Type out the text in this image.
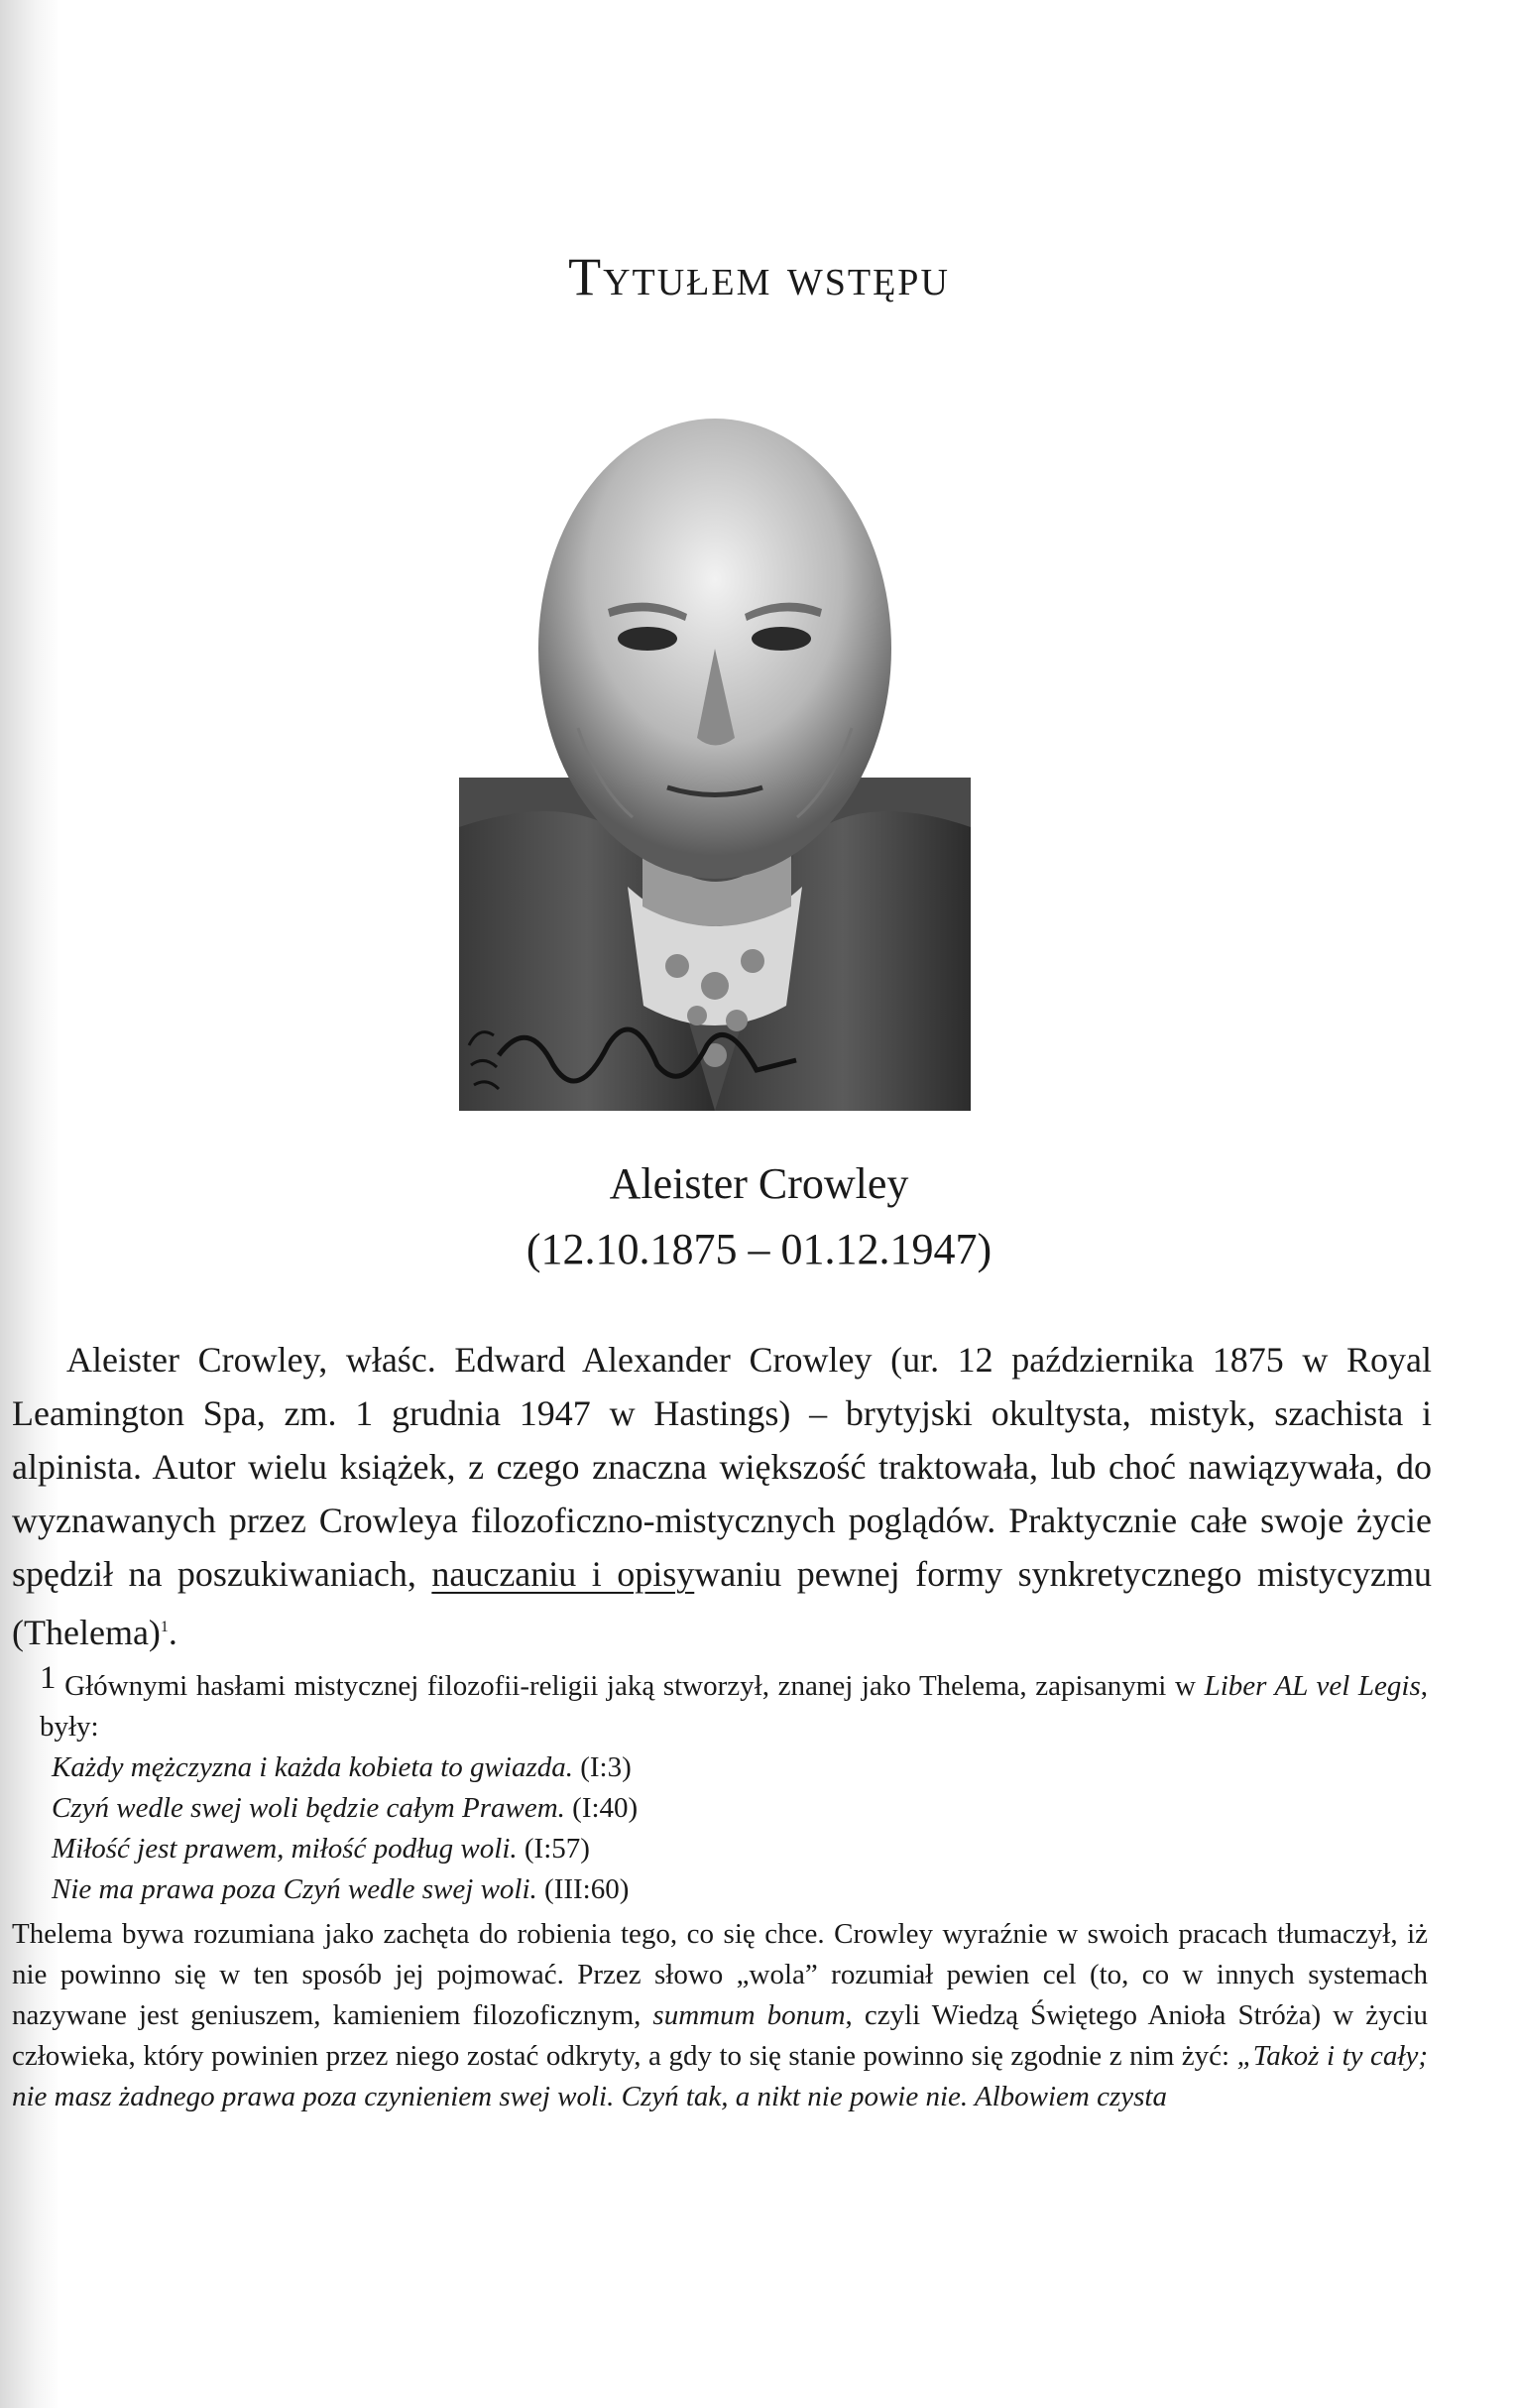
Tytułem wstępu
Aleister Crowley
(12.10.1875 – 01.12.1947)

Aleister Crowley, właśc. Edward Alexander Crowley (ur. 12 października 1875 w Royal Leamington Spa, zm. 1 grudnia 1947 w Hastings) – brytyjski okultysta, mistyk, szachista i alpinista. Autor wielu książek, z czego znaczna większość traktowała, lub choć nawiązywała, do wyznawanych przez Crowleya filozoficzno-mistycznych poglądów. Praktycznie całe swoje życie spędził na poszukiwaniach, nauczaniu i opisywaniu pewnej formy synkretycznego mistycyzmu (Thelema)$^1$.

1 Głównymi hasłami mistycznej filozofii-religii jaką stworzył, znanej jako Thelema, zapisanymi w Liber AL vel Legis, były:
Każdy mężczyzna i każda kobieta to gwiazda. (I:3)
Czyń wedle swej woli będzie całym Prawem. (I:40)
Miłość jest prawem, miłość podług woli. (I:57)
Nie ma prawa poza Czyń wedle swej woli. (III:60)
Thelema bywa rozumiana jako zachęta do robienia tego, co się chce. Crowley wyraźnie w swoich pracach tłumaczył, iż nie powinno się w ten sposób jej pojmować. Przez słowo „wola” rozumiał pewien cel (to, co w innych systemach nazywane jest geniuszem, kamieniem filozoficznym, summum bonum, czyli Wiedzą Świętego Anioła Stróża) w życiu człowieka, który powinien przez niego zostać odkryty, a gdy to się stanie powinno się zgodnie z nim żyć: „Takoż i ty cały; nie masz żadnego prawa poza czynieniem swej woli. Czyń tak, a nikt nie powie nie. Albowiem czysta
